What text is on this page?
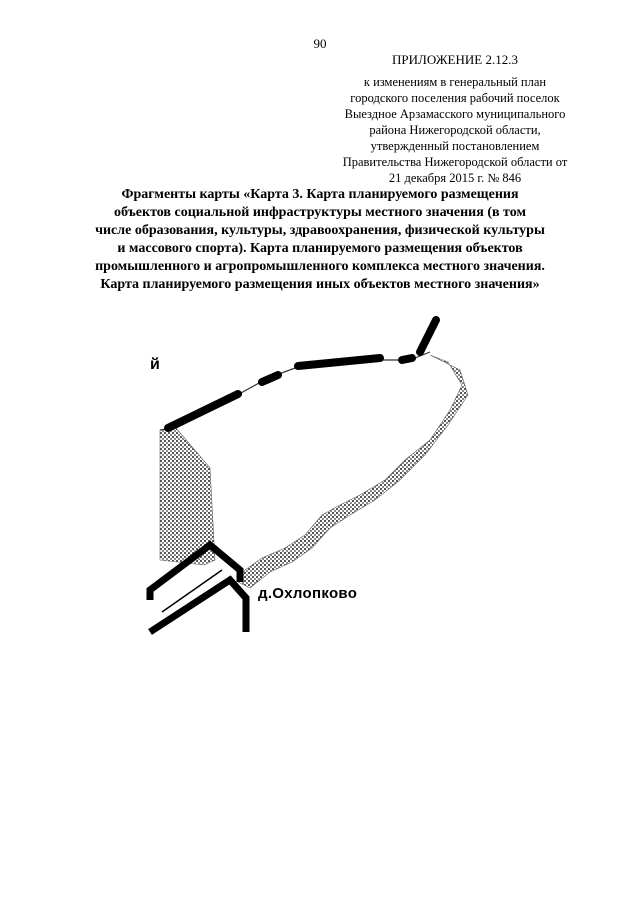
90
ПРИЛОЖЕНИЕ 2.12.3
к изменениям в генеральный план
городского поселения рабочий поселок
Выездное Арзамасского муниципального
района Нижегородской области,
утвержденный постановлением
Правительства Нижегородской области от
21 декабря 2015 г. № 846
Фрагменты карты «Карта 3. Карта планируемого размещения
объектов социальной инфраструктуры местного значения (в том
числе образования, культуры, здравоохранения, физической культуры
и массового спорта). Карта планируемого размещения объектов
промышленного и агропромышленного комплекса местного значения.
Карта планируемого размещения иных объектов местного значения»
й
д.Охлопково
